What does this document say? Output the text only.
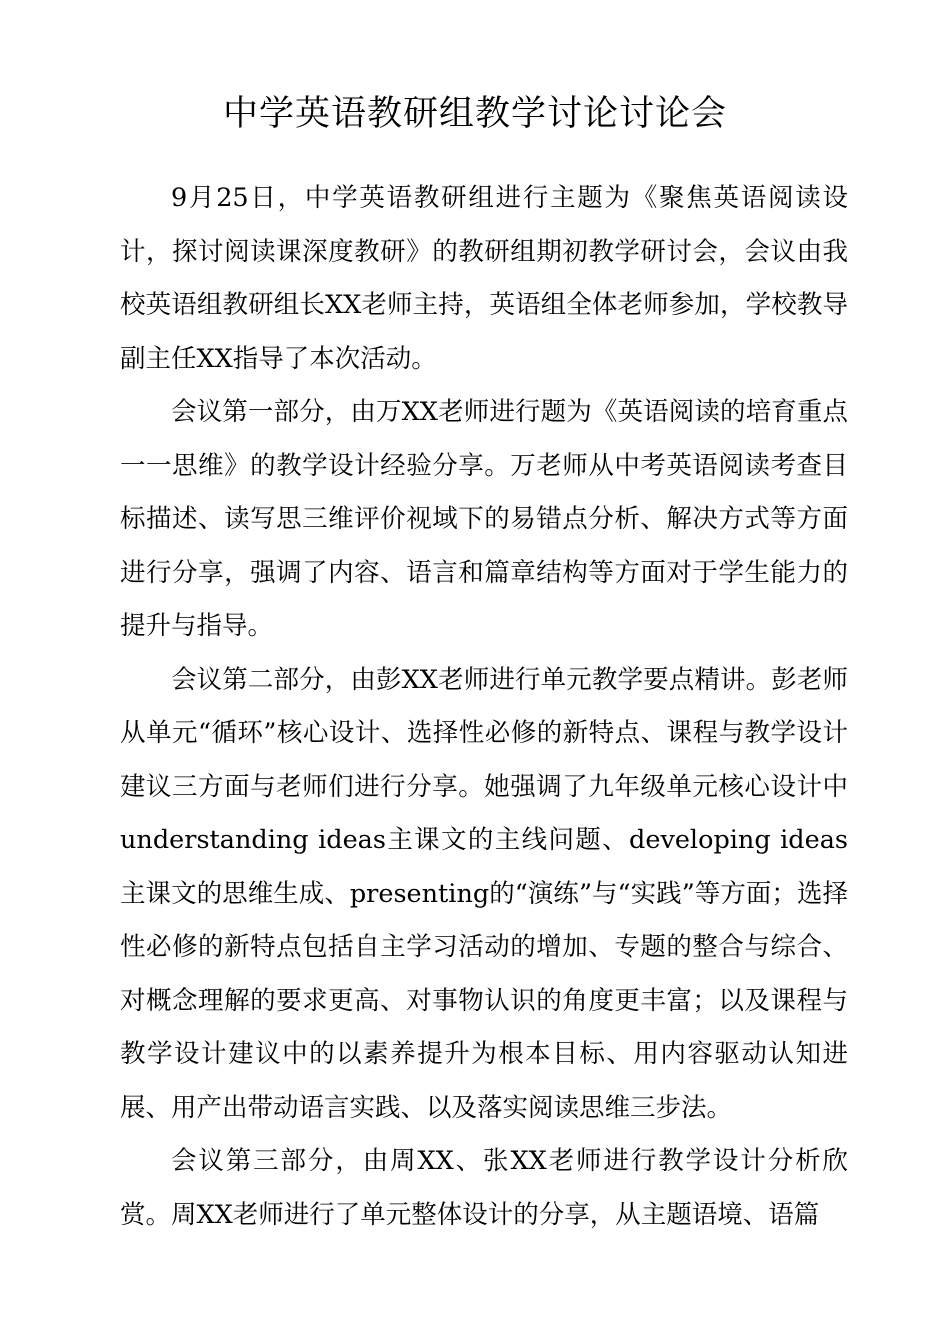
中学英语教研组教学讨论讨论会

9月25日，中学英语教研组进行主题为《聚焦英语阅读设计，探讨阅读课深度教研》的教研组期初教学研讨会，会议由我校英语组教研组长XX老师主持，英语组全体老师参加，学校教导副主任XX指导了本次活动。

会议第一部分，由万XX老师进行题为《英语阅读的培育重点一一思维》的教学设计经验分享。万老师从中考英语阅读考查目标描述、读写思三维评价视域下的易错点分析、解决方式等方面进行分享，强调了内容、语言和篇章结构等方面对于学生能力的提升与指导。

会议第二部分，由彭XX老师进行单元教学要点精讲。彭老师从单元“循环”核心设计、选择性必修的新特点、课程与教学设计建议三方面与老师们进行分享。她强调了九年级单元核心设计中understanding ideas主课文的主线问题、developing ideas主课文的思维生成、presenting的“演练”与“实践”等方面；选择性必修的新特点包括自主学习活动的增加、专题的整合与综合、对概念理解的要求更高、对事物认识的角度更丰富；以及课程与教学设计建议中的以素养提升为根本目标、用内容驱动认知进展、用产出带动语言实践、以及落实阅读思维三步法。

会议第三部分，由周XX、张XX老师进行教学设计分析欣赏。周XX老师进行了单元整体设计的分享，从主题语境、语篇
